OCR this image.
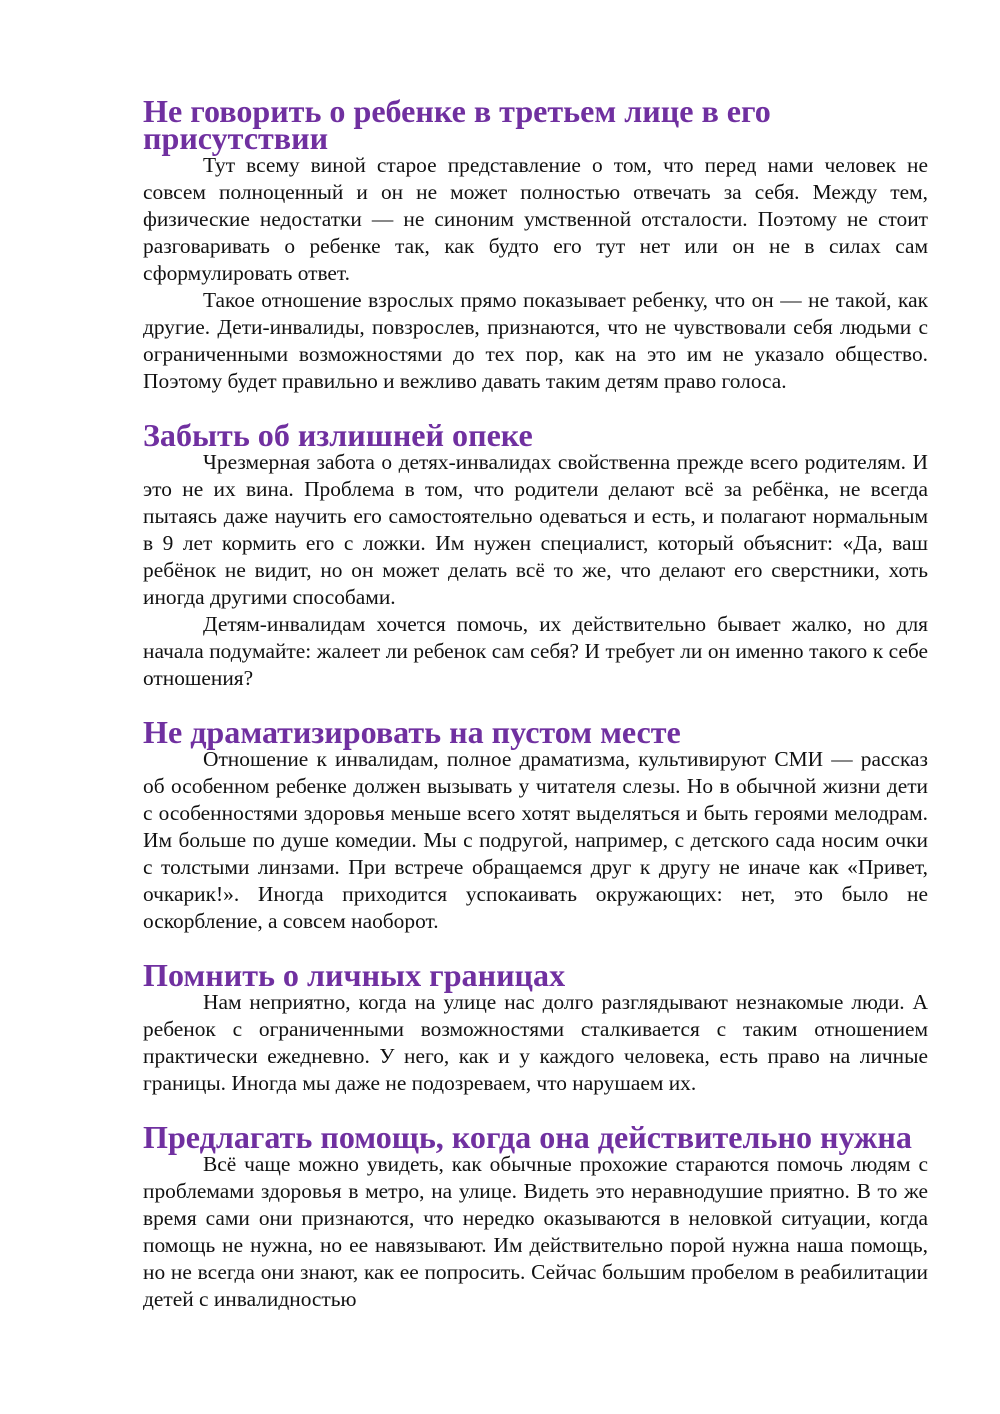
Не говорить о ребенке в третьем лице в его присутствии

Тут всему виной старое представление о том, что перед нами человек не совсем полноценный и он не может полностью отвечать за себя. Между тем, физические недостатки — не синоним умственной отсталости. Поэтому не стоит разговаривать о ребенке так, как будто его тут нет или он не в силах сам сформулировать ответ.

Такое отношение взрослых прямо показывает ребенку, что он — не такой, как другие. Дети-инвалиды, повзрослев, признаются, что не чувствовали себя людьми с ограниченными возможностями до тех пор, как на это им не указало общество. Поэтому будет правильно и вежливо давать таким детям право голоса.

Забыть об излишней опеке

Чрезмерная забота о детях-инвалидах свойственна прежде всего родителям. И это не их вина. Проблема в том, что родители делают всё за ребёнка, не всегда пытаясь даже научить его самостоятельно одеваться и есть, и полагают нормальным в 9 лет кормить его с ложки. Им нужен специалист, который объяснит: «Да, ваш ребёнок не видит, но он может делать всё то же, что делают его сверстники, хоть иногда другими способами.

Детям-инвалидам хочется помочь, их действительно бывает жалко, но для начала подумайте: жалеет ли ребенок сам себя? И требует ли он именно такого к себе отношения?

Не драматизировать на пустом месте

Отношение к инвалидам, полное драматизма, культивируют СМИ — рассказ об особенном ребенке должен вызывать у читателя слезы. Но в обычной жизни дети с особенностями здоровья меньше всего хотят выделяться и быть героями мелодрам. Им больше по душе комедии. Мы с подругой, например, с детского сада носим очки с толстыми линзами. При встрече обращаемся друг к другу не иначе как «Привет, очкарик!». Иногда приходится успокаивать окружающих: нет, это было не оскорбление, а совсем наоборот.

Помнить о личных границах

Нам неприятно, когда на улице нас долго разглядывают незнакомые люди. А ребенок с ограниченными возможностями сталкивается с таким отношением практически ежедневно. У него, как и у каждого человека, есть право на личные границы. Иногда мы даже не подозреваем, что нарушаем их.

Предлагать помощь, когда она действительно нужна

Всё чаще можно увидеть, как обычные прохожие стараются помочь людям с проблемами здоровья в метро, на улице. Видеть это неравнодушие приятно. В то же время сами они признаются, что нередко оказываются в неловкой ситуации, когда помощь не нужна, но ее навязывают. Им действительно порой нужна наша помощь, но не всегда они знают, как ее попросить. Сейчас большим пробелом в реабилитации детей с инвалидностью
